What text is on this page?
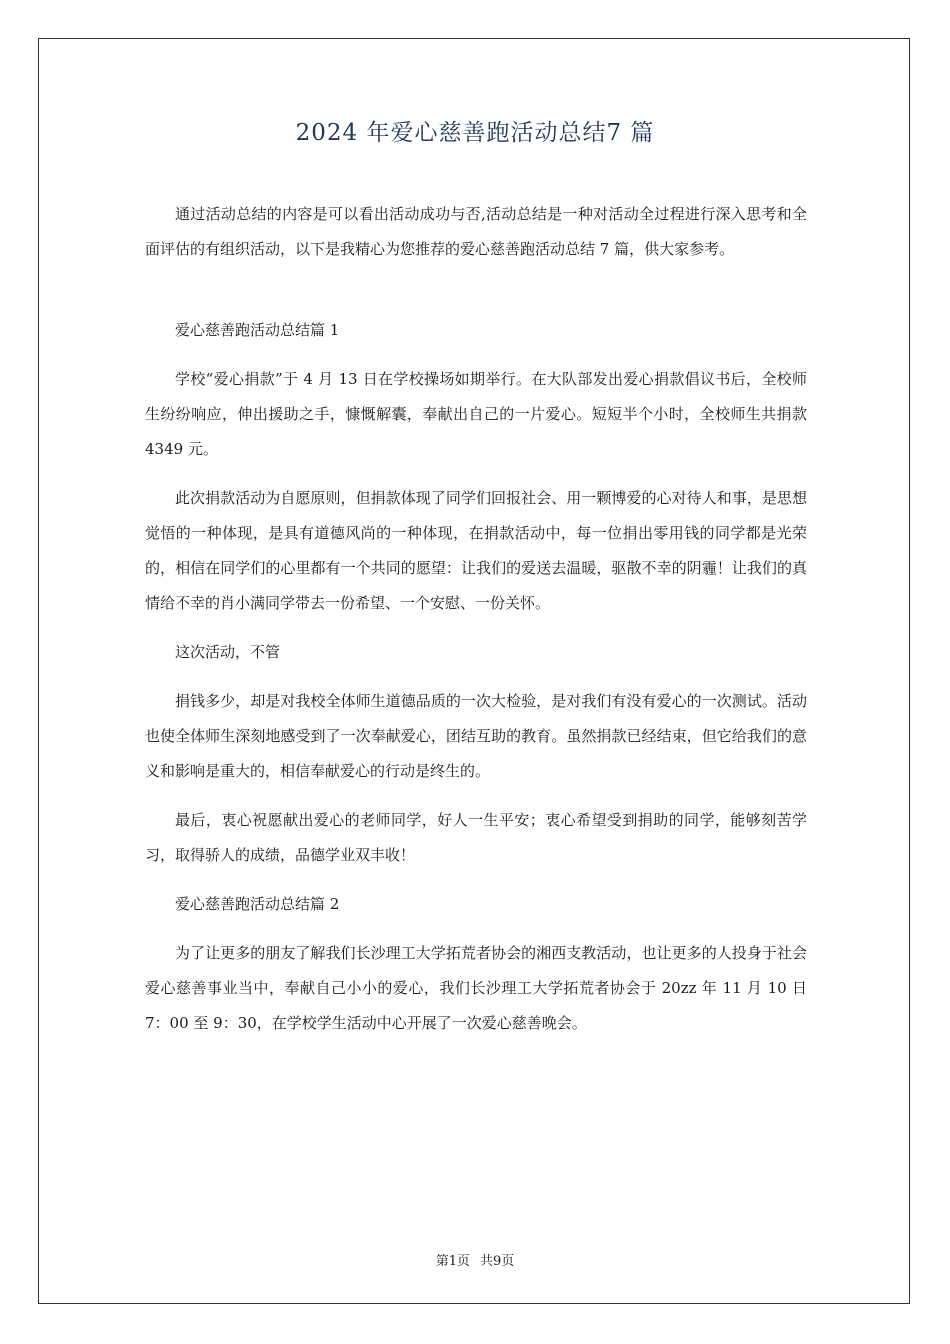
2024 年爱心慈善跑活动总结7 篇

通过活动总结的内容是可以看出活动成功与否,活动总结是一种对活动全过程进行深入思考和全面评估的有组织活动，以下是我精心为您推荐的爱心慈善跑活动总结 7 篇，供大家参考。

爱心慈善跑活动总结篇 1

学校“爱心捐款”于 4 月 13 日在学校操场如期举行。在大队部发出爱心捐款倡议书后，全校师生纷纷响应，伸出援助之手，慷慨解囊，奉献出自己的一片爱心。短短半个小时，全校师生共捐款 4349 元。

此次捐款活动为自愿原则，但捐款体现了同学们回报社会、用一颗博爱的心对待人和事，是思想觉悟的一种体现，是具有道德风尚的一种体现，在捐款活动中，每一位捐出零用钱的同学都是光荣的，相信在同学们的心里都有一个共同的愿望：让我们的爱送去温暖，驱散不幸的阴霾！让我们的真情给不幸的肖小满同学带去一份希望、一个安慰、一份关怀。

这次活动，不管

捐钱多少，却是对我校全体师生道德品质的一次大检验，是对我们有没有爱心的一次测试。活动也使全体师生深刻地感受到了一次奉献爱心，团结互助的教育。虽然捐款已经结束，但它给我们的意义和影响是重大的，相信奉献爱心的行动是终生的。

最后，衷心祝愿献出爱心的老师同学，好人一生平安；衷心希望受到捐助的同学，能够刻苦学习，取得骄人的成绩，品德学业双丰收！

爱心慈善跑活动总结篇 2

为了让更多的朋友了解我们长沙理工大学拓荒者协会的湘西支教活动，也让更多的人投身于社会爱心慈善事业当中，奉献自己小小的爱心，我们长沙理工大学拓荒者协会于 20zz 年 11 月 10 日 7：00 至 9：30，在学校学生活动中心开展了一次爱心慈善晚会。

第1页 共9页
